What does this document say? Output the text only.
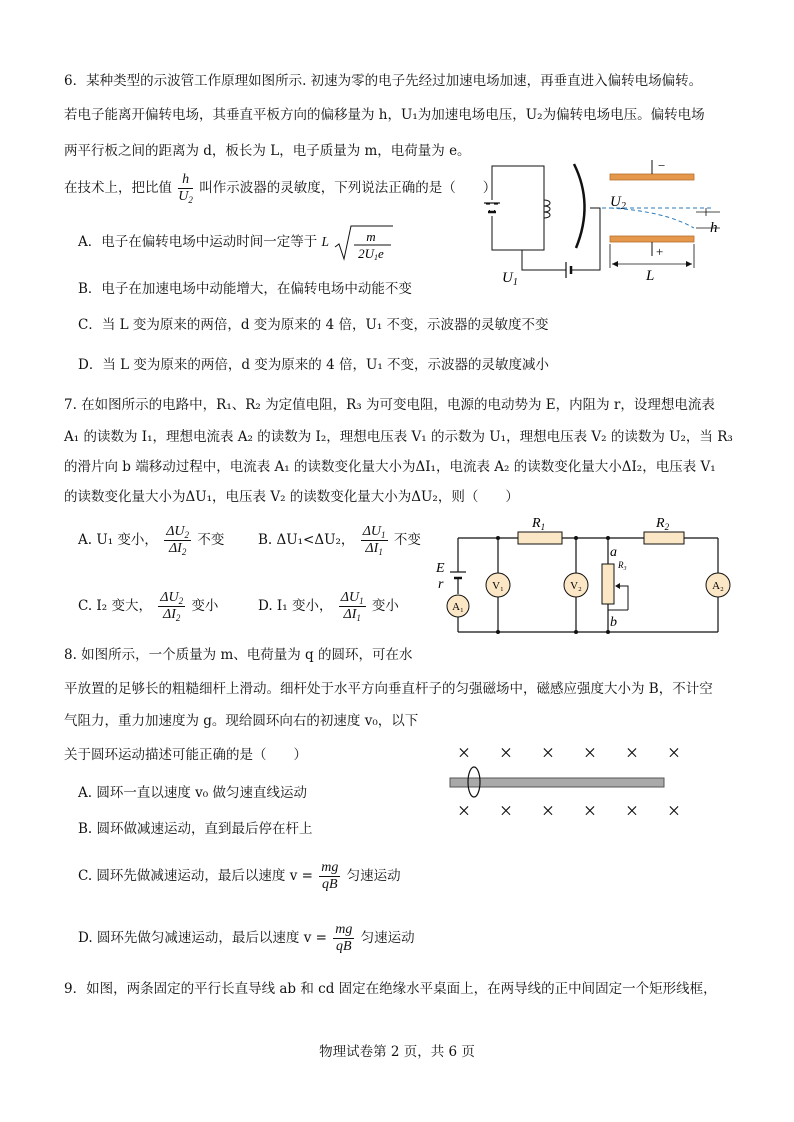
6．某种类型的示波管工作原理如图所示. 初速为零的电子先经过加速电场加速，再垂直进入偏转电场偏转。
若电子能离开偏转电场，其垂直平板方向的偏移量为 h，U₁为加速电场电压，U₂为偏转电场电压。偏转电场
两平行板之间的距离为 d，板长为 L，电子质量为 m，电荷量为 e。
在技术上，把比值 $\frac{h}{U_2}$ 叫作示波器的灵敏度，下列说法正确的是（　　）
A．电子在偏转电场中运动时间一定等于 L	m
2U1e
B．电子在加速电场中动能增大，在偏转电场中动能不变
C．当 L 变为原来的两倍，d 变为原来的 4 倍，U₁ 不变，示波器的灵敏度不变
D．当 L 变为原来的两倍，d 变为原来的 4 倍，U₁ 不变，示波器的灵敏度减小
$U_1$
−
+
$U_2$
h
L
7. 在如图所示的电路中，R₁、R₂ 为定值电阻，R₃ 为可变电阻，电源的电动势为 E，内阻为 r，设理想电流表
A₁ 的读数为 I₁，理想电流表 A₂ 的读数为 I₂，理想电压表 V₁ 的示数为 U₁，理想电压表 V₂ 的读数为 U₂，当 R₃
的滑片向 b 端移动过程中，电流表 A₁ 的读数变化量大小为ΔI₁，电流表 A₂ 的读数变化量大小ΔI₂，电压表 V₁
的读数变化量大小为ΔU₁，电压表 V₂ 的读数变化量大小为ΔU₂，则（　　）
A. U₁ 变小， $\frac{\Delta U_2}{\Delta I_2}$ 不变 B. ΔU₁<ΔU₂， $\frac{\Delta U_1}{\Delta I_1}$ 不变
C. I₂ 变大， $\frac{\Delta U_2}{\Delta I_2}$ 变小	D. I₁ 变小， $\frac{\Delta U_1}{\Delta I_1}$ 变小
$R_1$	$R_2$
E
r
A₁
V₁	V₂
a
b
R₃
A₂
8. 如图所示，一个质量为 m、电荷量为 q 的圆环，可在水
平放置的足够长的粗糙细杆上滑动。细杆处于水平方向垂直杆子的匀强磁场中，磁感应强度大小为 B，不计空
气阻力，重力加速度为 g。现给圆环向右的初速度 v₀，以下
关于圆环运动描述可能正确的是（　　）
A. 圆环一直以速度 v₀ 做匀速直线运动
B. 圆环做减速运动，直到最后停在杆上
C. 圆环先做减速运动，最后以速度 $v = \frac{mg}{qB}$ 匀速运动
D. 圆环先做匀减速运动，最后以速度 $v = \frac{mg}{qB}$ 匀速运动
× × × × × ×
× × × × × ×
9．如图，两条固定的平行长直导线 ab 和 cd 固定在绝缘水平桌面上，在两导线的正中间固定一个矩形线框，
物理试卷第 2 页，共 6 页
